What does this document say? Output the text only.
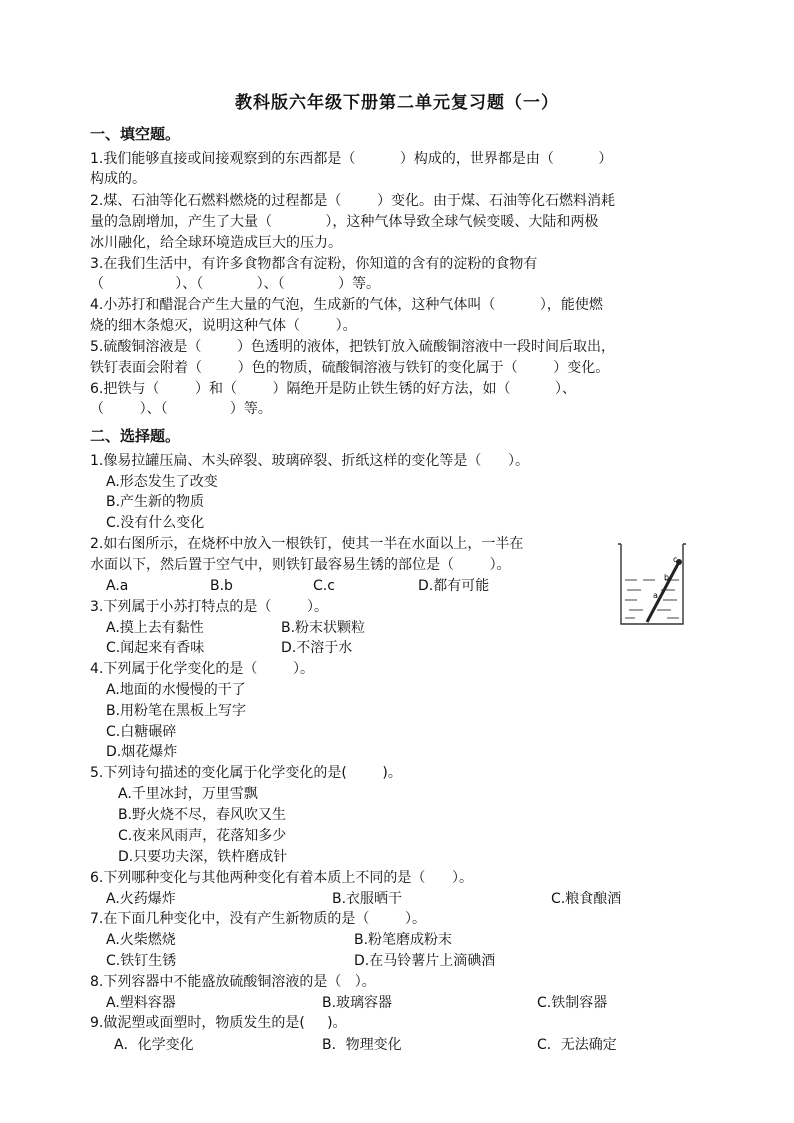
教科版六年级下册第二单元复习题（一）
一、填空题。
1.我们能够直接或间接观察到的东西都是（          ）构成的，世界都是由（          ）
构成的。
2.煤、石油等化石燃料燃烧的过程都是（        ）变化。由于煤、石油等化石燃料消耗
量的急剧增加，产生了大量（            ），这种气体导致全球气候变暖、大陆和两极
冰川融化，给全球环境造成巨大的压力。
3.在我们生活中，有许多食物都含有淀粉，你知道的含有的淀粉的食物有
（                ）、（            ）、（            ）等。
4.小苏打和醋混合产生大量的气泡，生成新的气体，这种气体叫（          ），能使燃
烧的细木条熄灭，说明这种气体（        ）。
5.硫酸铜溶液是（        ）色透明的液体，把铁钉放入硫酸铜溶液中一段时间后取出，
铁钉表面会附着（        ）色的物质，硫酸铜溶液与铁钉的变化属于（        ）变化。
6.把铁与（        ）和（        ）隔绝开是防止铁生锈的好方法，如（          ）、
（        ）、（              ）等。
二、选择题。
1.像易拉罐压扁、木头碎裂、玻璃碎裂、折纸这样的变化等是（      ）。
A.形态发生了改变
B.产生新的物质
C.没有什么变化
2.如右图所示，在烧杯中放入一根铁钉，使其一半在水面以上，一半在
水面以下，然后置于空气中，则铁钉最容易生锈的部位是（        ）。
A.a	B.b	C.c	D.都有可能
c
b
a
3.下列属于小苏打特点的是（        ）。
A.摸上去有黏性	B.粉末状颗粒
C.闻起来有香味	D.不溶于水
4.下列属于化学变化的是（        ）。
A.地面的水慢慢的干了
B.用粉笔在黑板上写字
C.白糖碾碎
D.烟花爆炸
5.下列诗句描述的变化属于化学变化的是(        )。
A.千里冰封，万里雪飘
B.野火烧不尽，春风吹又生
C.夜来风雨声，花落知多少
D.只要功夫深，铁杵磨成针
6.下列哪种变化与其他两种变化有着本质上不同的是（      ）。
A.火药爆炸	B.衣服晒干	C.粮食酿酒
7.在下面几种变化中，没有产生新物质的是（        ）。
A.火柴燃烧	B.粉笔磨成粉末
C.铁钉生锈	D.在马铃薯片上滴碘酒
8.下列容器中不能盛放硫酸铜溶液的是（   ）。
A.塑料容器	B.玻璃容器	C.铁制容器
9.做泥塑或面塑时，物质发生的是(     )。
A．化学变化	B．物理变化	C．无法确定
